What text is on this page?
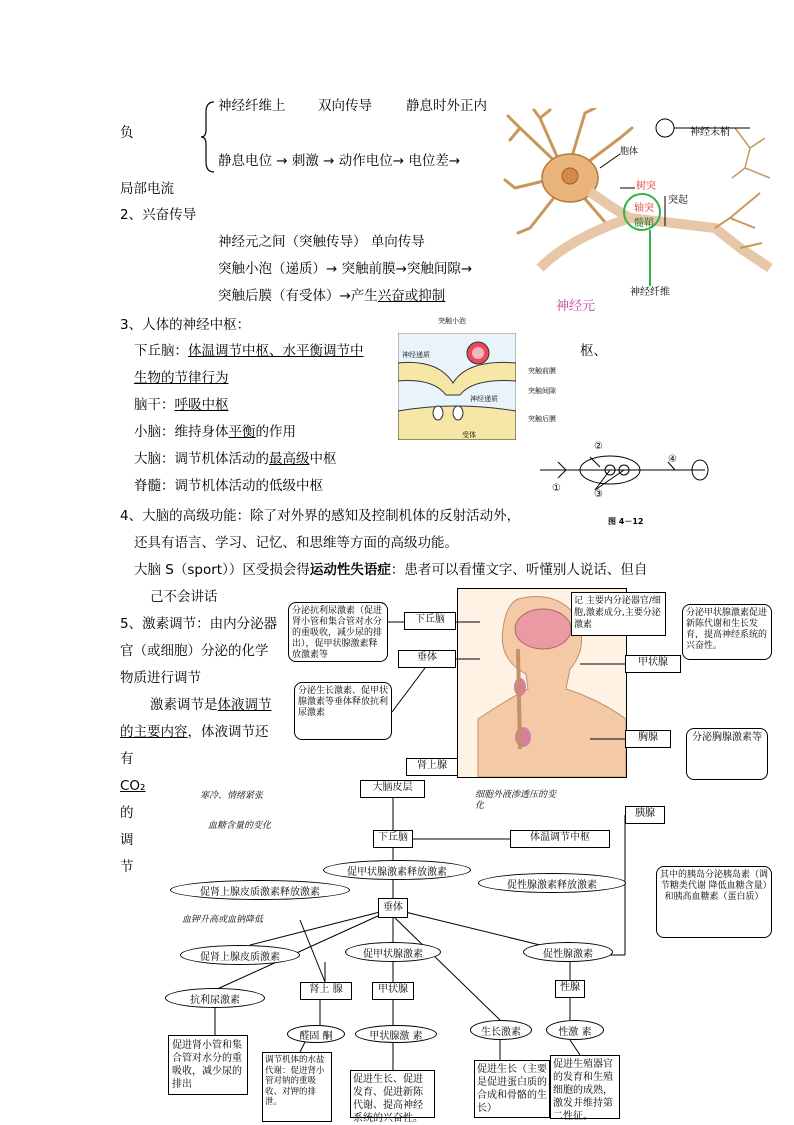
神经纤维上 双向传导	静息时外正内
负
静息电位 → 刺激 → 动作电位→ 电位差→
局部电流
2、兴奋传导
神经元之间（突触传导） 单向传导
突触小泡（递质）→ 突触前膜→突触间隙→
突触后膜（有受体）→产生兴奋或抑制
胞体
树突
轴突
髓鞘
突起
神经末梢
神经纤维
神经元
3、人体的神经中枢：
下丘脑：体温调节中枢、水平衡调节中	枢、
生物的节律行为
脑干：呼吸中枢
小脑：维持身体平衡的作用
大脑：调节机体活动的最高级中枢
脊髓：调节机体活动的低级中枢
突触小泡
神经递质
突触前膜
突触间隙
神经递质
突触后膜
受体
②
④
①
③
图 4－12
4、大脑的高级功能：除了对外界的感知及控制机体的反射活动外，
还具有语言、学习、记忆、和思维等方面的高级功能。
大脑 S（sport））区受损会得运动性失语症：患者可以看懂文字、听懂别人说话、但自
己不会讲话
5、激素调节：由内分泌器
官（或细胞）分泌的化学
物质进行调节
激素调节是体液调节
的主要内容，体液调节还
有
CO₂
的
调
节
记 主要内分泌器官/细胞,激素成分,主要分泌激素
分泌抗利尿激素（促进肾小管和集合管对水分的重吸收，减少尿的排出），促甲状腺激素释放激素等
下丘脑
垂体
分泌生长激素、促甲状腺激素等垂体释放抗利尿激素
分泌甲状腺激素促进新陈代谢和生长发育，提高神经系统的兴奋性。
甲状腺
胸腺	分泌胸腺激素等
肾上腺
胰腺
其中的胰岛分泌胰岛素（调节糖类代谢 降低血糖含量）和胰高血糖素（蛋白质）
大脑皮层
寒冷、情绪紧张
血糖含量的变化
细胞外液渗透压的变化
下丘脑	体温调节中枢
促甲状腺激素释放激素
促肾上腺皮质激素释放激素
促性腺激素释放激素
血钾升高或血钠降低
垂体
促肾上腺皮质激素	促甲状腺激素	促性腺激素
抗利尿激素
肾上 腺	甲状腺	性腺
醛固 酮	甲状腺激 素	生长激素	性激 素
促进肾小管和集合管对水分的重吸收，减少尿的排出
调节机体的水盐代谢：促进肾小管对钠的重吸收、对钾的排泄。
促进生长、促进发育、促进新陈代谢、提高神经系统的兴奋性。
促进生长（主要是促进蛋白质的合成和骨骼的生长）
促进生殖器官的发育和生殖细胞的成熟，激发并维持第二性征。
